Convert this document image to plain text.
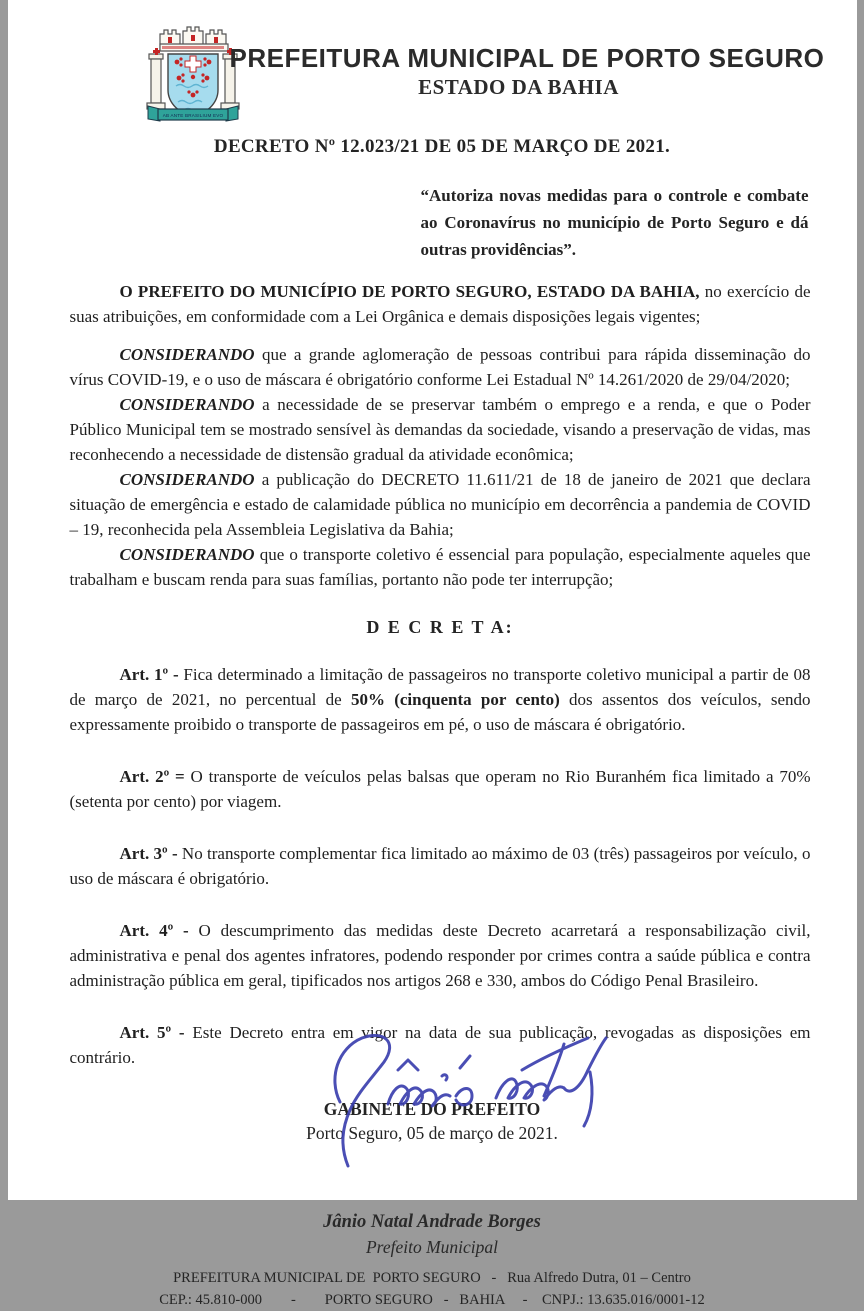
AB ANTE BRASILIUM EVO
PREFEITURA MUNICIPAL DE PORTO SEGURO
ESTADO DA BAHIA
DECRETO Nº 12.023/21 DE 05 DE MARÇO DE 2021.
“Autoriza novas medidas para o controle e combate ao Coronavírus no município de Porto Seguro e dá outras providências”.

O PREFEITO DO MUNICÍPIO DE PORTO SEGURO, ESTADO DA BAHIA, no exercício de suas atribuições, em conformidade com a Lei Orgânica e demais disposições legais vigentes;

CONSIDERANDO que a grande aglomeração de pessoas contribui para rápida disseminação do vírus COVID-19, e o uso de máscara é obrigatório conforme Lei Estadual Nº 14.261/2020 de 29/04/2020;

CONSIDERANDO a necessidade de se preservar também o emprego e a renda, e que o Poder Público Municipal tem se mostrado sensível às demandas da sociedade, visando a preservação de vidas, mas reconhecendo a necessidade de distensão gradual da atividade econômica;

CONSIDERANDO a publicação do DECRETO 11.611/21 de 18 de janeiro de 2021 que declara situação de emergência e estado de calamidade pública no município em decorrência a pandemia de COVID – 19, reconhecida pela Assembleia Legislativa da Bahia;

CONSIDERANDO que o transporte coletivo é essencial para população, especialmente aqueles que trabalham e buscam renda para suas famílias, portanto não pode ter interrupção;

D E C R E T A:

Art. 1º - Fica determinado a limitação de passageiros no transporte coletivo municipal a partir de 08 de março de 2021, no percentual de 50% (cinquenta por cento) dos assentos dos veículos, sendo expressamente proibido o transporte de passageiros em pé, o uso de máscara é obrigatório.

Art. 2º = O transporte de veículos pelas balsas que operam no Rio Buranhém fica limitado a 70% (setenta por cento) por viagem.

Art. 3º - No transporte complementar fica limitado ao máximo de 03 (três) passageiros por veículo, o uso de máscara é obrigatório.

Art. 4º - O descumprimento das medidas deste Decreto acarretará a responsabilização civil, administrativa e penal dos agentes infratores, podendo responder por crimes contra a saúde pública e contra administração pública em geral, tipificados nos artigos 268 e 330, ambos do Código Penal Brasileiro.

Art. 5º - Este Decreto entra em vigor na data de sua publicação, revogadas as disposições em contrário.

GABINETE DO PREFEITO
Porto Seguro, 05 de março de 2021.
Jânio Natal Andrade Borges
Prefeito Municipal
PREFEITURA MUNICIPAL DE  PORTO SEGURO   -   Rua Alfredo Dutra, 01 – Centro
CEP.: 45.810-000        -        PORTO SEGURO   -   BAHIA     -    CNPJ.: 13.635.016/0001-12
